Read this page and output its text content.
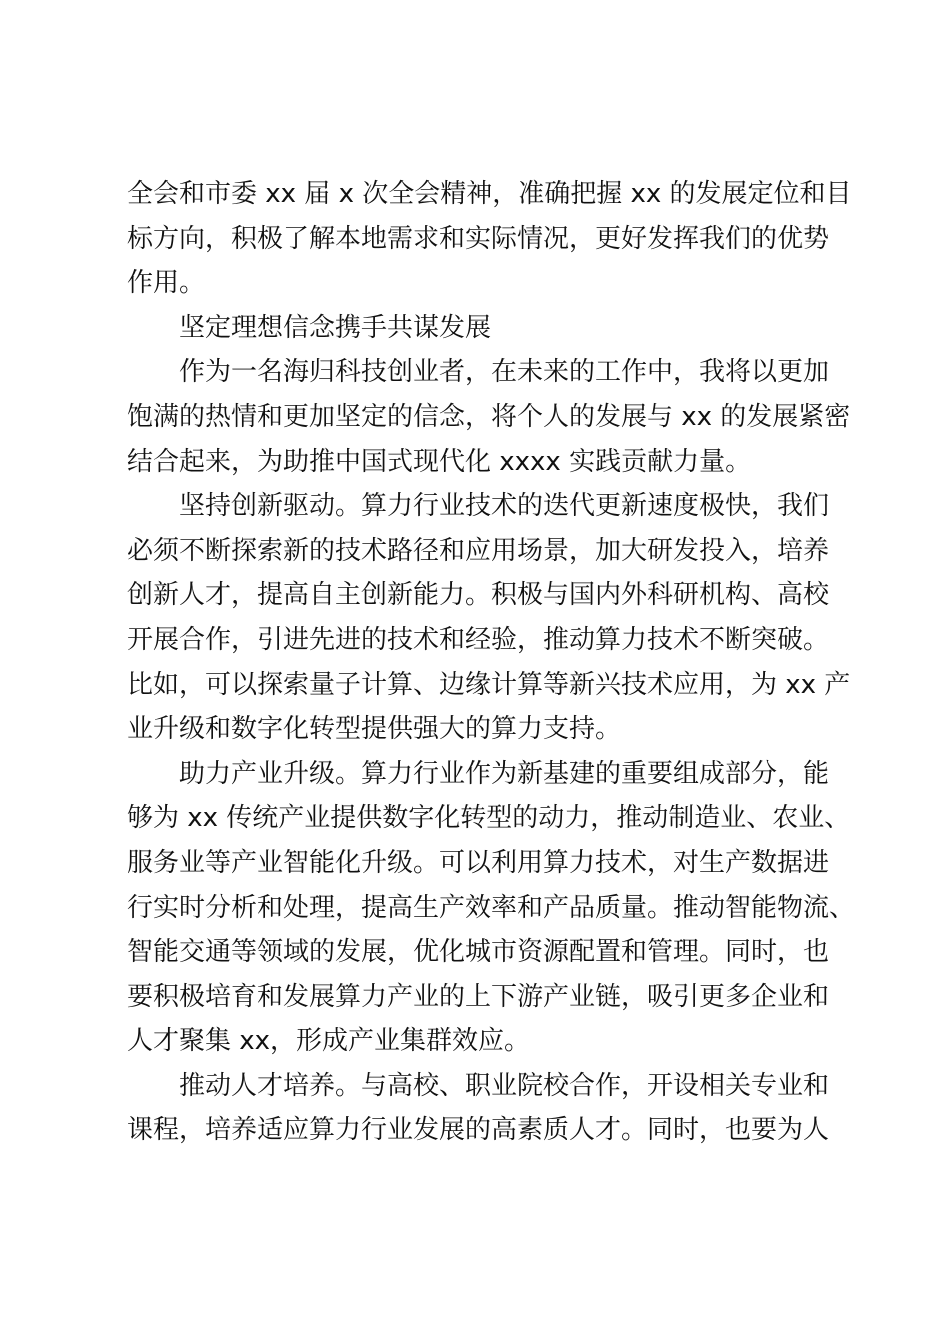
全会和市委 xx 届 x 次全会精神，准确把握 xx 的发展定位和目
标方向，积极了解本地需求和实际情况，更好发挥我们的优势
作用。
坚定理想信念携手共谋发展
作为一名海归科技创业者，在未来的工作中，我将以更加
饱满的热情和更加坚定的信念，将个人的发展与 xx 的发展紧密
结合起来，为助推中国式现代化 xxxx 实践贡献力量。
坚持创新驱动。算力行业技术的迭代更新速度极快，我们
必须不断探索新的技术路径和应用场景，加大研发投入，培养
创新人才，提高自主创新能力。积极与国内外科研机构、高校
开展合作，引进先进的技术和经验，推动算力技术不断突破。
比如，可以探索量子计算、边缘计算等新兴技术应用，为 xx 产
业升级和数字化转型提供强大的算力支持。
助力产业升级。算力行业作为新基建的重要组成部分，能
够为 xx 传统产业提供数字化转型的动力，推动制造业、农业、
服务业等产业智能化升级。可以利用算力技术，对生产数据进
行实时分析和处理，提高生产效率和产品质量。推动智能物流、
智能交通等领域的发展，优化城市资源配置和管理。同时，也
要积极培育和发展算力产业的上下游产业链，吸引更多企业和
人才聚集 xx，形成产业集群效应。
推动人才培养。与高校、职业院校合作，开设相关专业和
课程，培养适应算力行业发展的高素质人才。同时，也要为人
